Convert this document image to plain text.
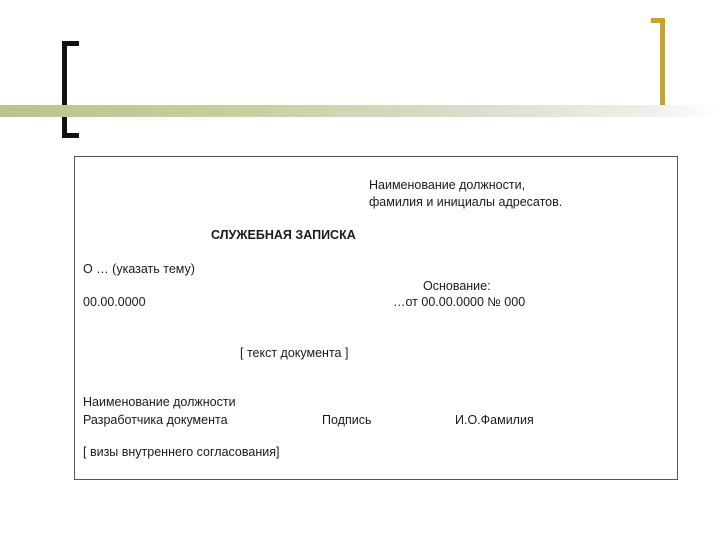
Наименование должности,
фамилия и инициалы адресатов.
СЛУЖЕБНАЯ ЗАПИСКА
О … (указать тему)
Основание:
00.00.0000	…от 00.00.0000 № 000
[ текст документа ]
Наименование должности
Разработчика документа	Подпись	И.О.Фамилия
[ визы внутреннего согласования]
